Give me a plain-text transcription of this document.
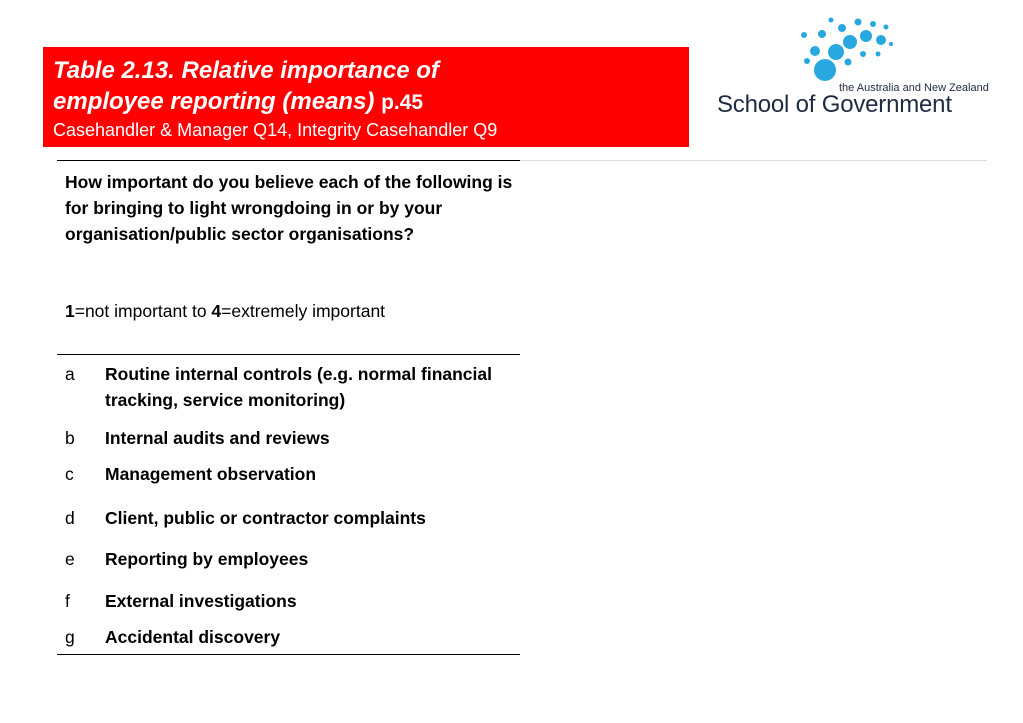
Table 2.13. Relative importance of
employee reporting (means) p.45
Casehandler & Manager Q14, Integrity Casehandler Q9
the Australia and New Zealand
School of Government
How important do you believe each of the following is for bringing to light wrongdoing in or by your organisation/public sector organisations?
1=not important to 4=extremely important
a Routine internal controls (e.g. normal financial tracking, service monitoring)
b Internal audits and reviews
c Management observation
d Client, public or contractor complaints
e Reporting by employees
f External investigations
g Accidental discovery
